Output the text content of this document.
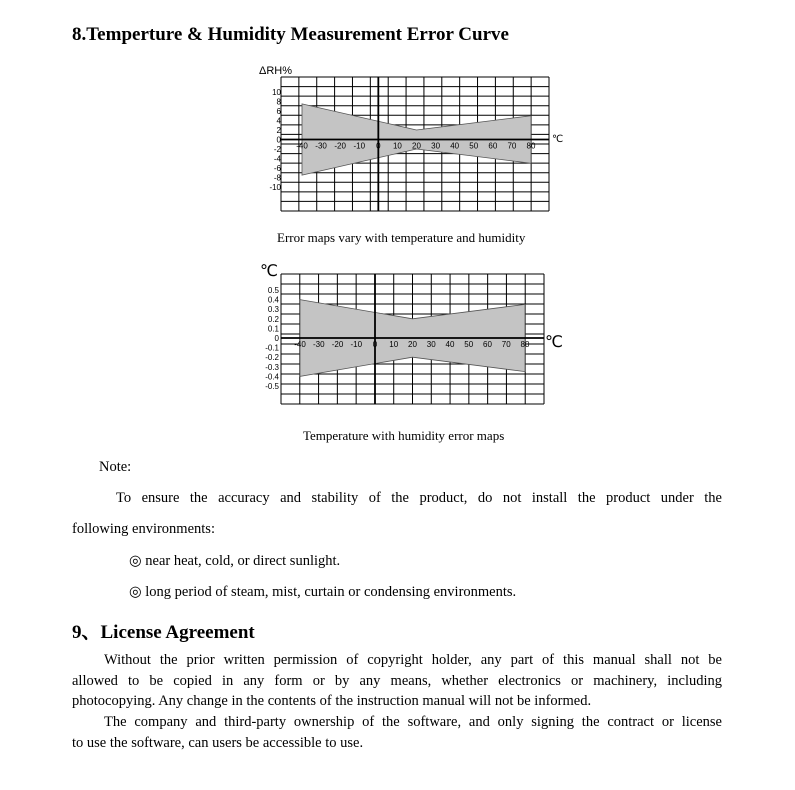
8.Temperture & Humidity Measurement Error Curve
10
8
6
4
2
0
-2
-4
-6
-8
-10
-40 -30 -20 -10 0 10 20 30 40 50 60 70 80
ΔRH%
℃
Error maps vary with temperature and humidity
0.5
0.4
0.3
0.2
0.1
0
-0.1
-0.2
-0.3
-0.4
-0.5
-40 -30 -20 -10 0 10 20 30 40 50 60 70 80
℃
℃
Temperature with humidity error maps
Note:
To ensure the accuracy and stability of the product, do not install the product under the
following environments:
◎ near heat, cold, or direct sunlight.
◎ long period of steam, mist, curtain or condensing environments.
9、License Agreement
Without the prior written permission of copyright holder, any part of this manual shall not be
allowed to be copied in any form or by any means, whether electronics or machinery, including
photocopying. Any change in the contents of the instruction manual will not be informed.
The company and third-party ownership of the software, and only signing the contract or license
to use the software, can users be accessible to use.
